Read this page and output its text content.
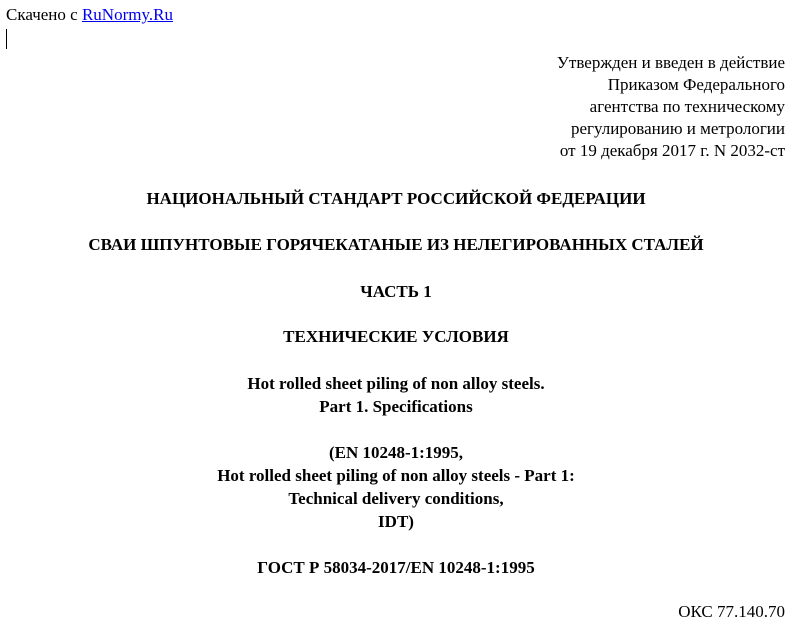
Скачено с RuNormy.Ru
Утвержден и введен в действие
Приказом Федерального
агентства по техническому
регулированию и метрологии
от 19 декабря 2017 г. N 2032-ст
НАЦИОНАЛЬНЫЙ СТАНДАРТ РОССИЙСКОЙ ФЕДЕРАЦИИ
СВАИ ШПУНТОВЫЕ ГОРЯЧЕКАТАНЫЕ ИЗ НЕЛЕГИРОВАННЫХ СТАЛЕЙ
ЧАСТЬ 1
ТЕХНИЧЕСКИЕ УСЛОВИЯ
Hot rolled sheet piling of non alloy steels.
Part 1. Specifications
(EN 10248-1:1995,
Hot rolled sheet piling of non alloy steels - Part 1:
Technical delivery conditions,
IDT)
ГОСТ Р 58034-2017/EN 10248-1:1995
ОКС 77.140.70
